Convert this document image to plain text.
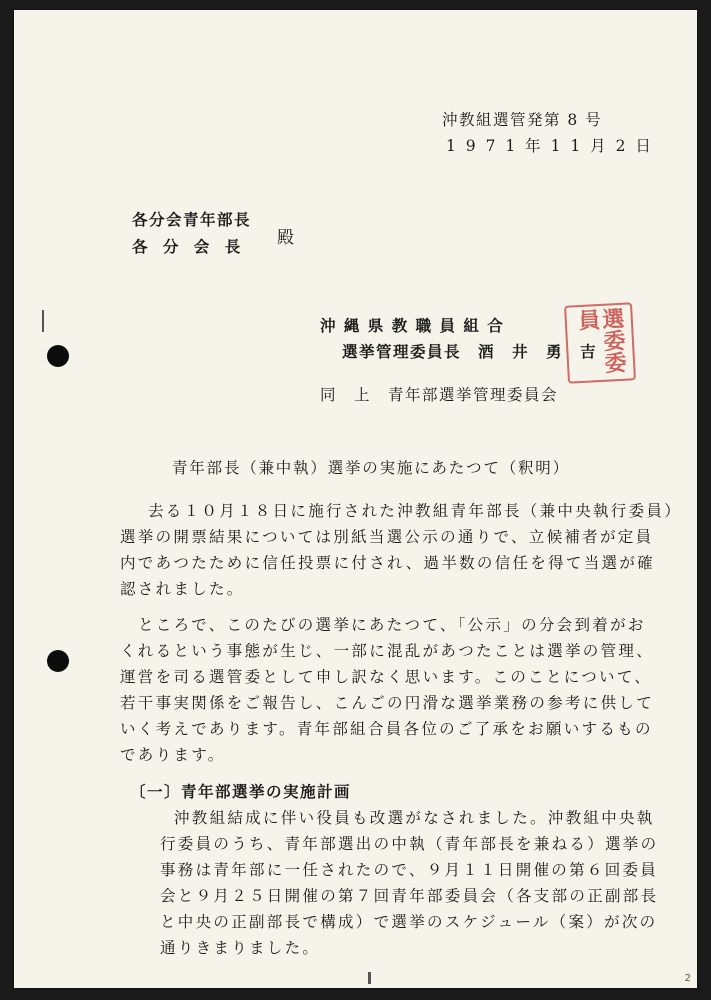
沖教組選管発第 8 号
1 9 7 1 年 1 1 月 2 日
各分会青年部長
各 分 会 長 殿
沖 縄 県 教 職 員 組 合
選挙管理委員長　酒　井　勇　吉
同　上　青年部選挙管理委員会
選委委員
青年部長（兼中執）選挙の実施にあたつて（釈明）
去る１０月１８日に施行された沖教組青年部長（兼中央執行委員）
選挙の開票結果については別紙当選公示の通りで、立候補者が定員
内であつたために信任投票に付され、過半数の信任を得て当選が確
認されました。
ところで、このたびの選挙にあたつて、「公示」の分会到着がお
くれるという事態が生じ、一部に混乱があつたことは選挙の管理、
運営を司る選管委として申し訳なく思います。このことについて、
若干事実関係をご報告し、こんごの円滑な選挙業務の参考に供して
いく考えであります。青年部組合員各位のご了承をお願いするもの
であります。
〔一〕青年部選挙の実施計画
沖教組結成に伴い役員も改選がなされました。沖教組中央執
行委員のうち、青年部選出の中執（青年部長を兼ねる）選挙の
事務は青年部に一任されたので、９月１１日開催の第６回委員
会と９月２５日開催の第７回青年部委員会（各支部の正副部長
と中央の正副部長で構成）で選挙のスケジュール（案）が次の
通りきまりました。
2
